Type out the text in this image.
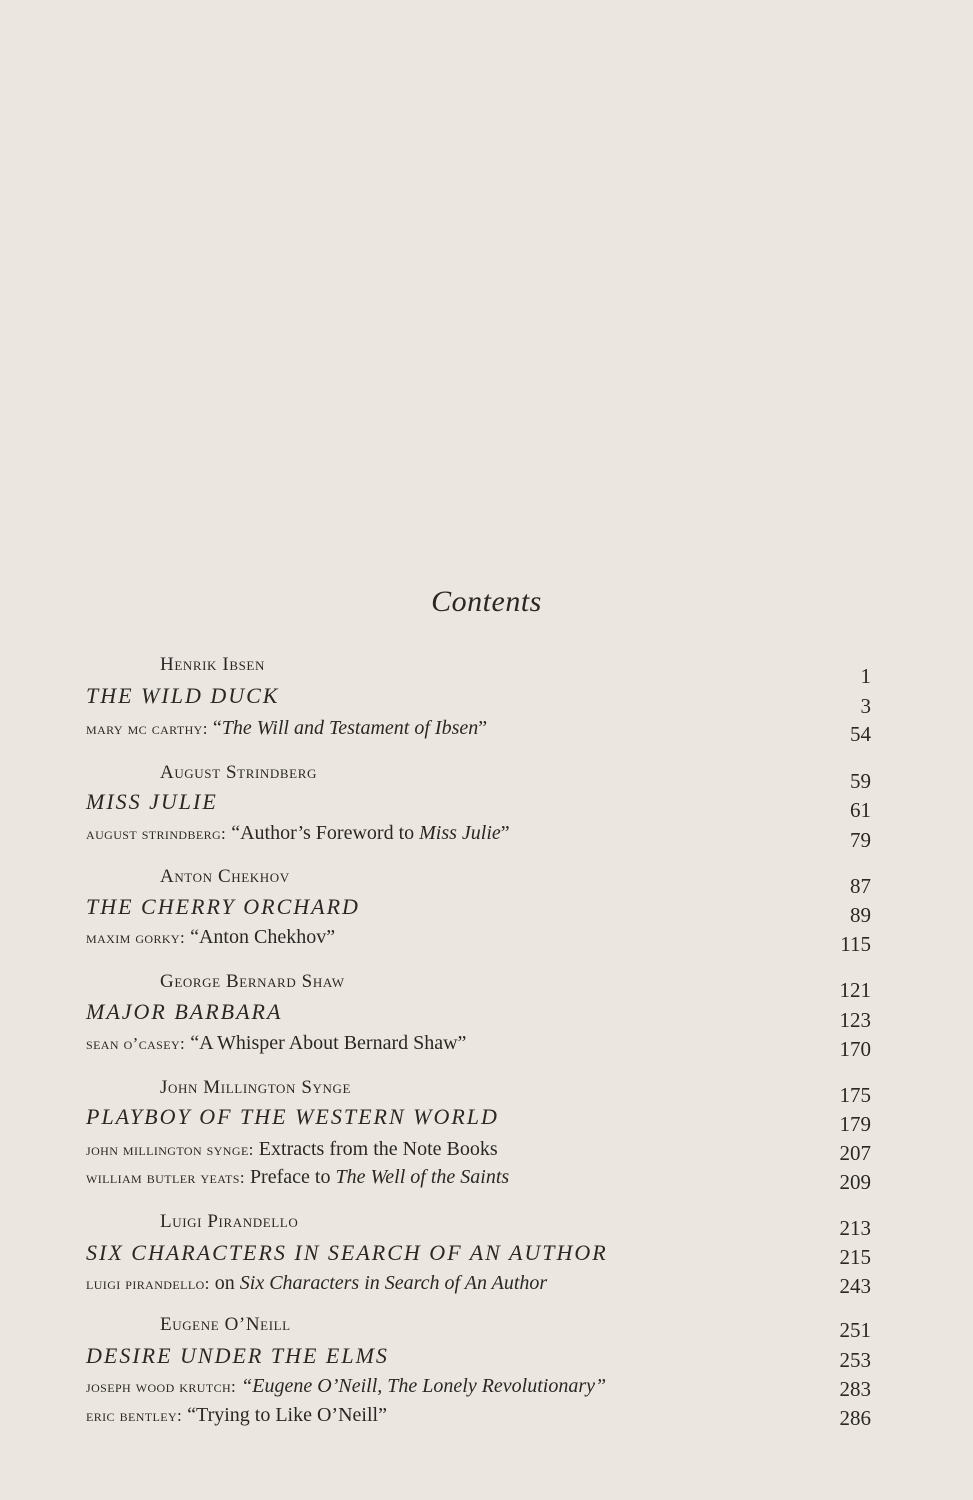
Contents
Henrik Ibsen	1
THE WILD DUCK	3
mary mc carthy: “The Will and Testament of Ibsen”	54
August Strindberg	59
MISS JULIE	61
august strindberg: “Author’s Foreword to Miss Julie”	79
Anton Chekhov	87
THE CHERRY ORCHARD	89
maxim gorky: “Anton Chekhov”	115
George Bernard Shaw	121
MAJOR BARBARA	123
sean o’casey: “A Whisper About Bernard Shaw”	170
John Millington Synge	175
PLAYBOY OF THE WESTERN WORLD	179
john millington synge: Extracts from the Note Books	207
william butler yeats: Preface to The Well of the Saints	209
Luigi Pirandello	213
SIX CHARACTERS IN SEARCH OF AN AUTHOR	215
luigi pirandello: on Six Characters in Search of An Author	243
Eugene O’Neill	251
DESIRE UNDER THE ELMS	253
joseph wood krutch: “Eugene O’Neill, The Lonely Revolutionary”	283
eric bentley: “Trying to Like O’Neill”	286
